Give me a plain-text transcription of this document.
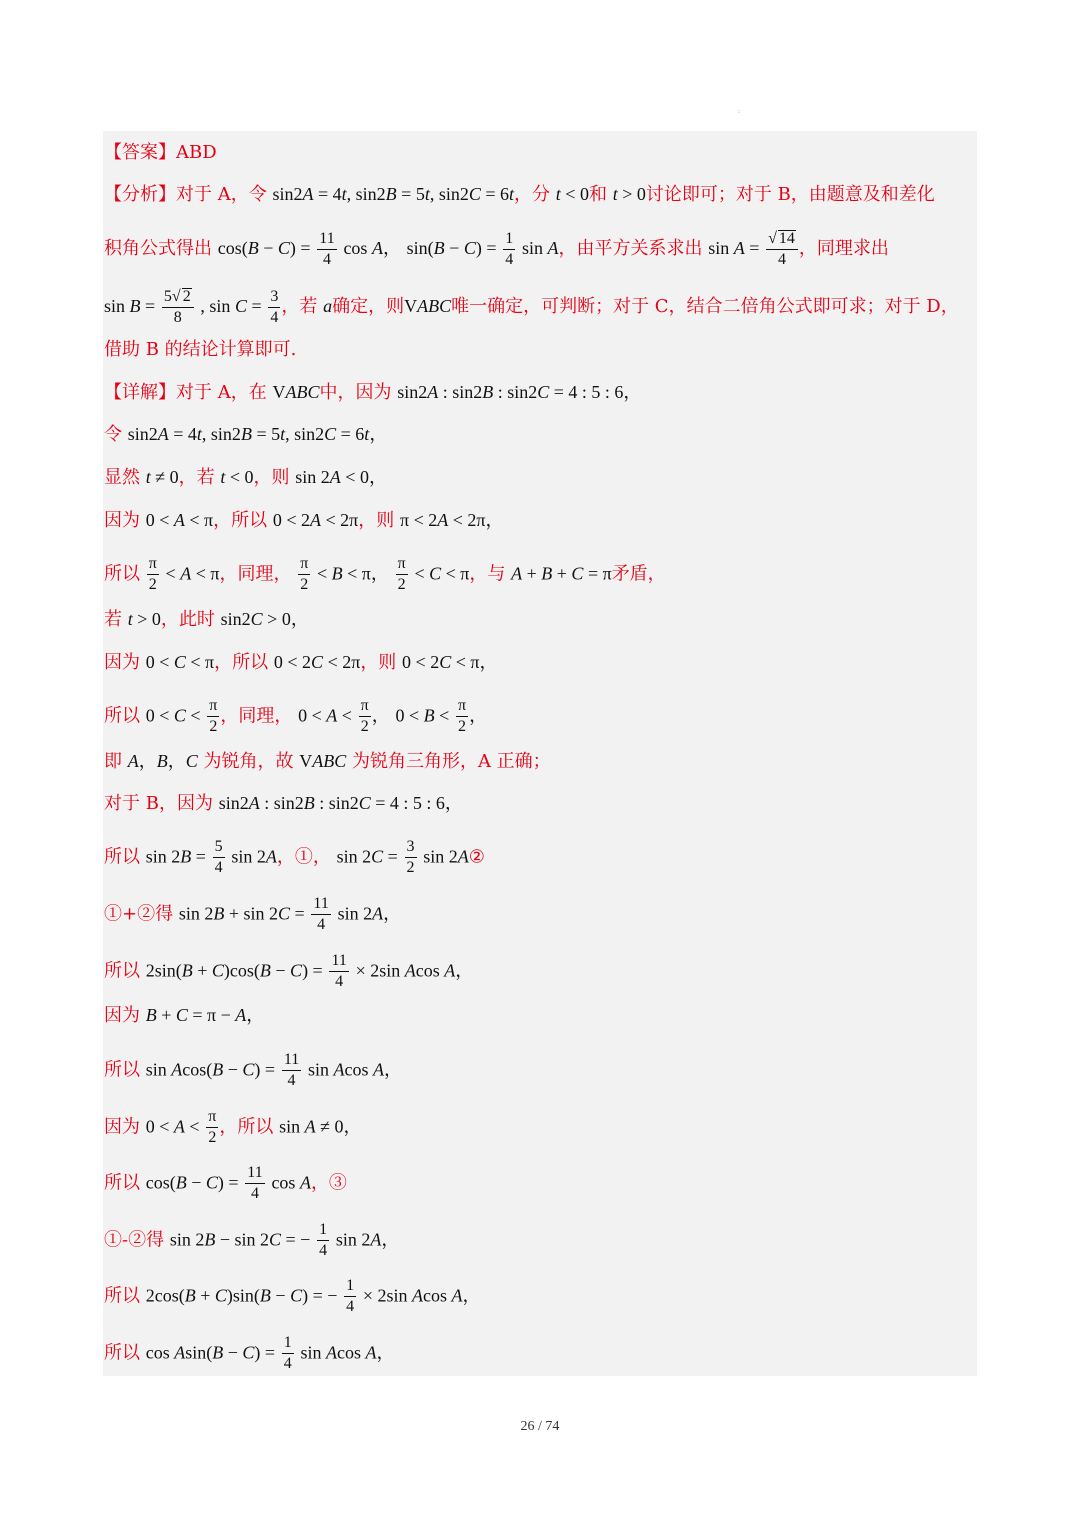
:
【答案】ABD
【分析】对于 A，令 sin2A = 4t, sin2B = 5t, sin2C = 6t，分 t < 0和 t > 0讨论即可；对于 B，由题意及和差化
积角公式得出 $\cos(B - C) = \frac{11}{4}$ cos A， $\sin(B - C) = \frac{1}{4}$ sin A，由平方关系求出 $\sin A = \frac{√ 14}{4}$ ，同理求出
$\sin B = \frac{5√ 2}{8}$ , $\sin C = \frac{3}{4}$ ，若 a确定，则VABC唯一确定，可判断；对于 C，结合二倍角公式即可求；对于 D，
借助 B 的结论计算即可.
【详解】对于 A，在 VABC中，因为 sin2A : sin2B : sin2C = 4 : 5 : 6，
令 sin2A = 4t, sin2B = 5t, sin2C = 6t，
显然 t ≠ 0，若 t < 0，则 sin 2A < 0，
因为 0 < A < π，所以 0 < 2A < 2π，则 π < 2A < 2π，
所以 $\frac{\pi}{2} < A < \pi$，同理， $\frac{\pi}{2} < B < \pi$， $\frac{\pi}{2} < C < \pi$，与 A + B + C = π矛盾，
若 t > 0，此时 sin2C > 0，
因为 0 < C < π，所以 0 < 2C < 2π，则 0 < 2C < π，
所以 $0 < C < \frac{\pi}{2}$ ，同理， $0 < A < \frac{\pi}{2}$ ， $0 < B < \frac{\pi}{2}$ ，
即 A，B，C 为锐角，故 VABC 为锐角三角形，A 正确；
对于 B，因为 sin2A : sin2B : sin2C = 4 : 5 : 6，
所以 $\sin 2B = \frac{5}{4}$ sin 2A，①， $\sin 2C = \frac{3}{2}$ sin 2A②
①+②得 $\sin 2B + \sin 2C = \frac{11}{4}$ sin 2A，
所以 $2\sin(B + C)\cos(B - C) = \frac{11}{4} \times 2\sin$ Acos A，
因为 B + C = π − A，
所以 $\sin Acos(B - C) = \frac{11}{4}$ sin Acos A，
因为 $0 < A < \frac{\pi}{2}$ ，所以 sin A ≠ 0，
所以 $\cos(B - C) = \frac{11}{4}$ cos A，③
①-②得 sin 2B − sin 2C = − $\frac{1}{4}$ sin 2A，
所以 2cos(B + C)sin(B − C) = − $\frac{1}{4} \times 2\sin$ Acos A，
所以 $\cos Asin(B - C) = \frac{1}{4}$ sin Acos A，
26 / 74
